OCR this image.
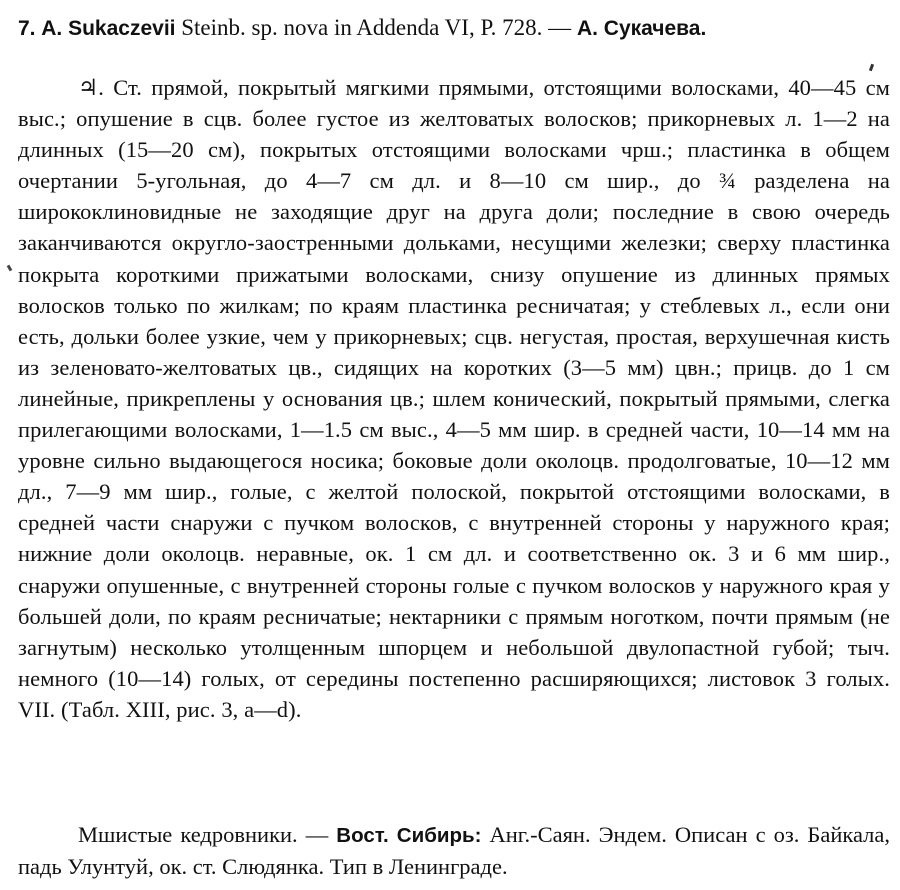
7. A. Sukaczevii Steinb. sp. nova in Addenda VI, P. 728. — А. Сукачева.

♃. Ст. прямой, покрытый мягкими прямыми, отстоящими волосками, 40—45 см выс.; опушение в сцв. более густое из желтоватых волосков; прикорневых л. 1—2 на длинных (15—20 см), покрытых отстоящими волосками чрш.; пластинка в общем очертании 5-угольная, до 4—7 см дл. и 8—10 см шир., до ¾ разделена на ширококлиновидные не заходящие друг на друга доли; последние в свою очередь заканчиваются округло-заостренными дольками, несущими железки; сверху пластинка покрыта короткими прижатыми волосками, снизу опушение из длинных прямых волосков только по жилкам; по краям пластинка ресничатая; у стеблевых л., если они есть, дольки более узкие, чем у прикорневых; сцв. негустая, простая, верхушечная кисть из зеленовато-желтоватых цв., сидящих на коротких (3—5 мм) цвн.; прицв. до 1 см линейные, прикреплены у основания цв.; шлем конический, покрытый прямыми, слегка прилегающими волосками, 1—1.5 см выс., 4—5 мм шир. в средней части, 10—14 мм на уровне сильно выдающегося носика; боковые доли околоцв. продолговатые, 10—12 мм дл., 7—9 мм шир., голые, с желтой полоской, покрытой отстоящими волосками, в средней части снаружи с пучком волосков, с внутренней стороны у наружного края; нижние доли околоцв. неравные, ок. 1 см дл. и соответственно ок. 3 и 6 мм шир., снаружи опушенные, с внутренней стороны голые с пучком волосков у наружного края у большей доли, по краям ресничатые; нектарники с прямым ноготком, почти прямым (не загнутым) несколько утолщенным шпорцем и небольшой двулопастной губой; тыч. немного (10—14) голых, от середины постепенно расширяющихся; листовок 3 голых. VII. (Табл. XIII, рис. 3, a—d).

Мшистые кедровники. — Вост. Сибирь: Анг.-Саян. Эндем. Описан с оз. Байкала, падь Улунтуй, ок. ст. Слюдянка. Тип в Ленинграде.
